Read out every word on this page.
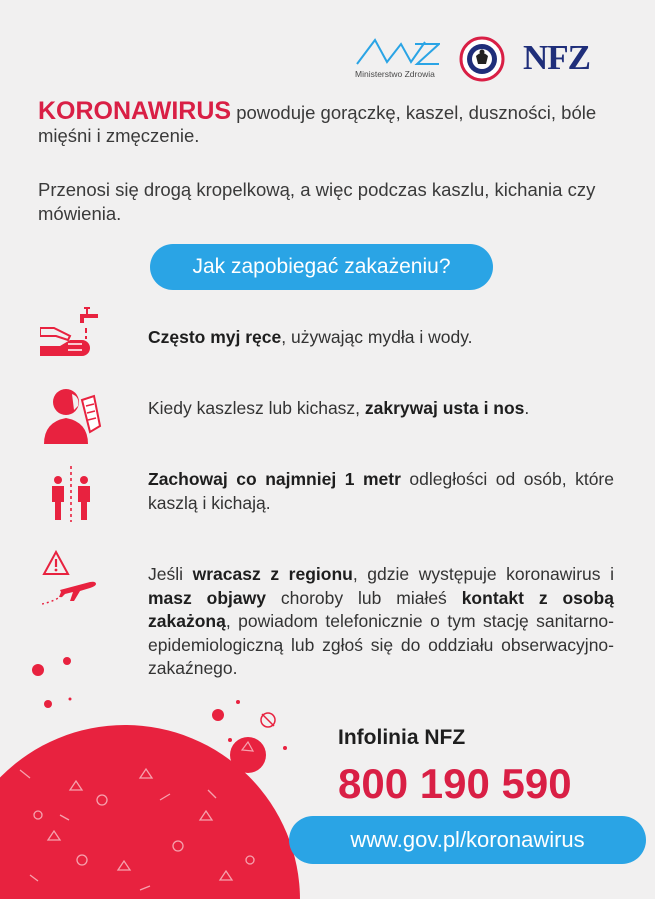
Ministerstwo Zdrowia	NFZ

KORONAWIRUS powoduje gorączkę, kaszel, duszności, bóle mięśni i zmęczenie.

Przenosi się drogą kropelkową, a więc podczas kaszlu, kichania czy mówienia.

Jak zapobiegać zakażeniu?
Często myj ręce, używając mydła i wody.
Kiedy kaszlesz lub kichasz, zakrywaj usta i nos.
Zachowaj co najmniej 1 metr odległości od osób, które kaszlą i kichają.
Jeśli wracasz z regionu, gdzie występuje koronawirus i masz objawy choroby lub miałeś kontakt z osobą zakażoną, powiadom telefonicznie o tym stację sanitarno-epidemiologiczną lub zgłoś się do oddziału obserwacyjno-zakaźnego.
Infolinia NFZ
800 190 590
www.gov.pl/koronawirus
